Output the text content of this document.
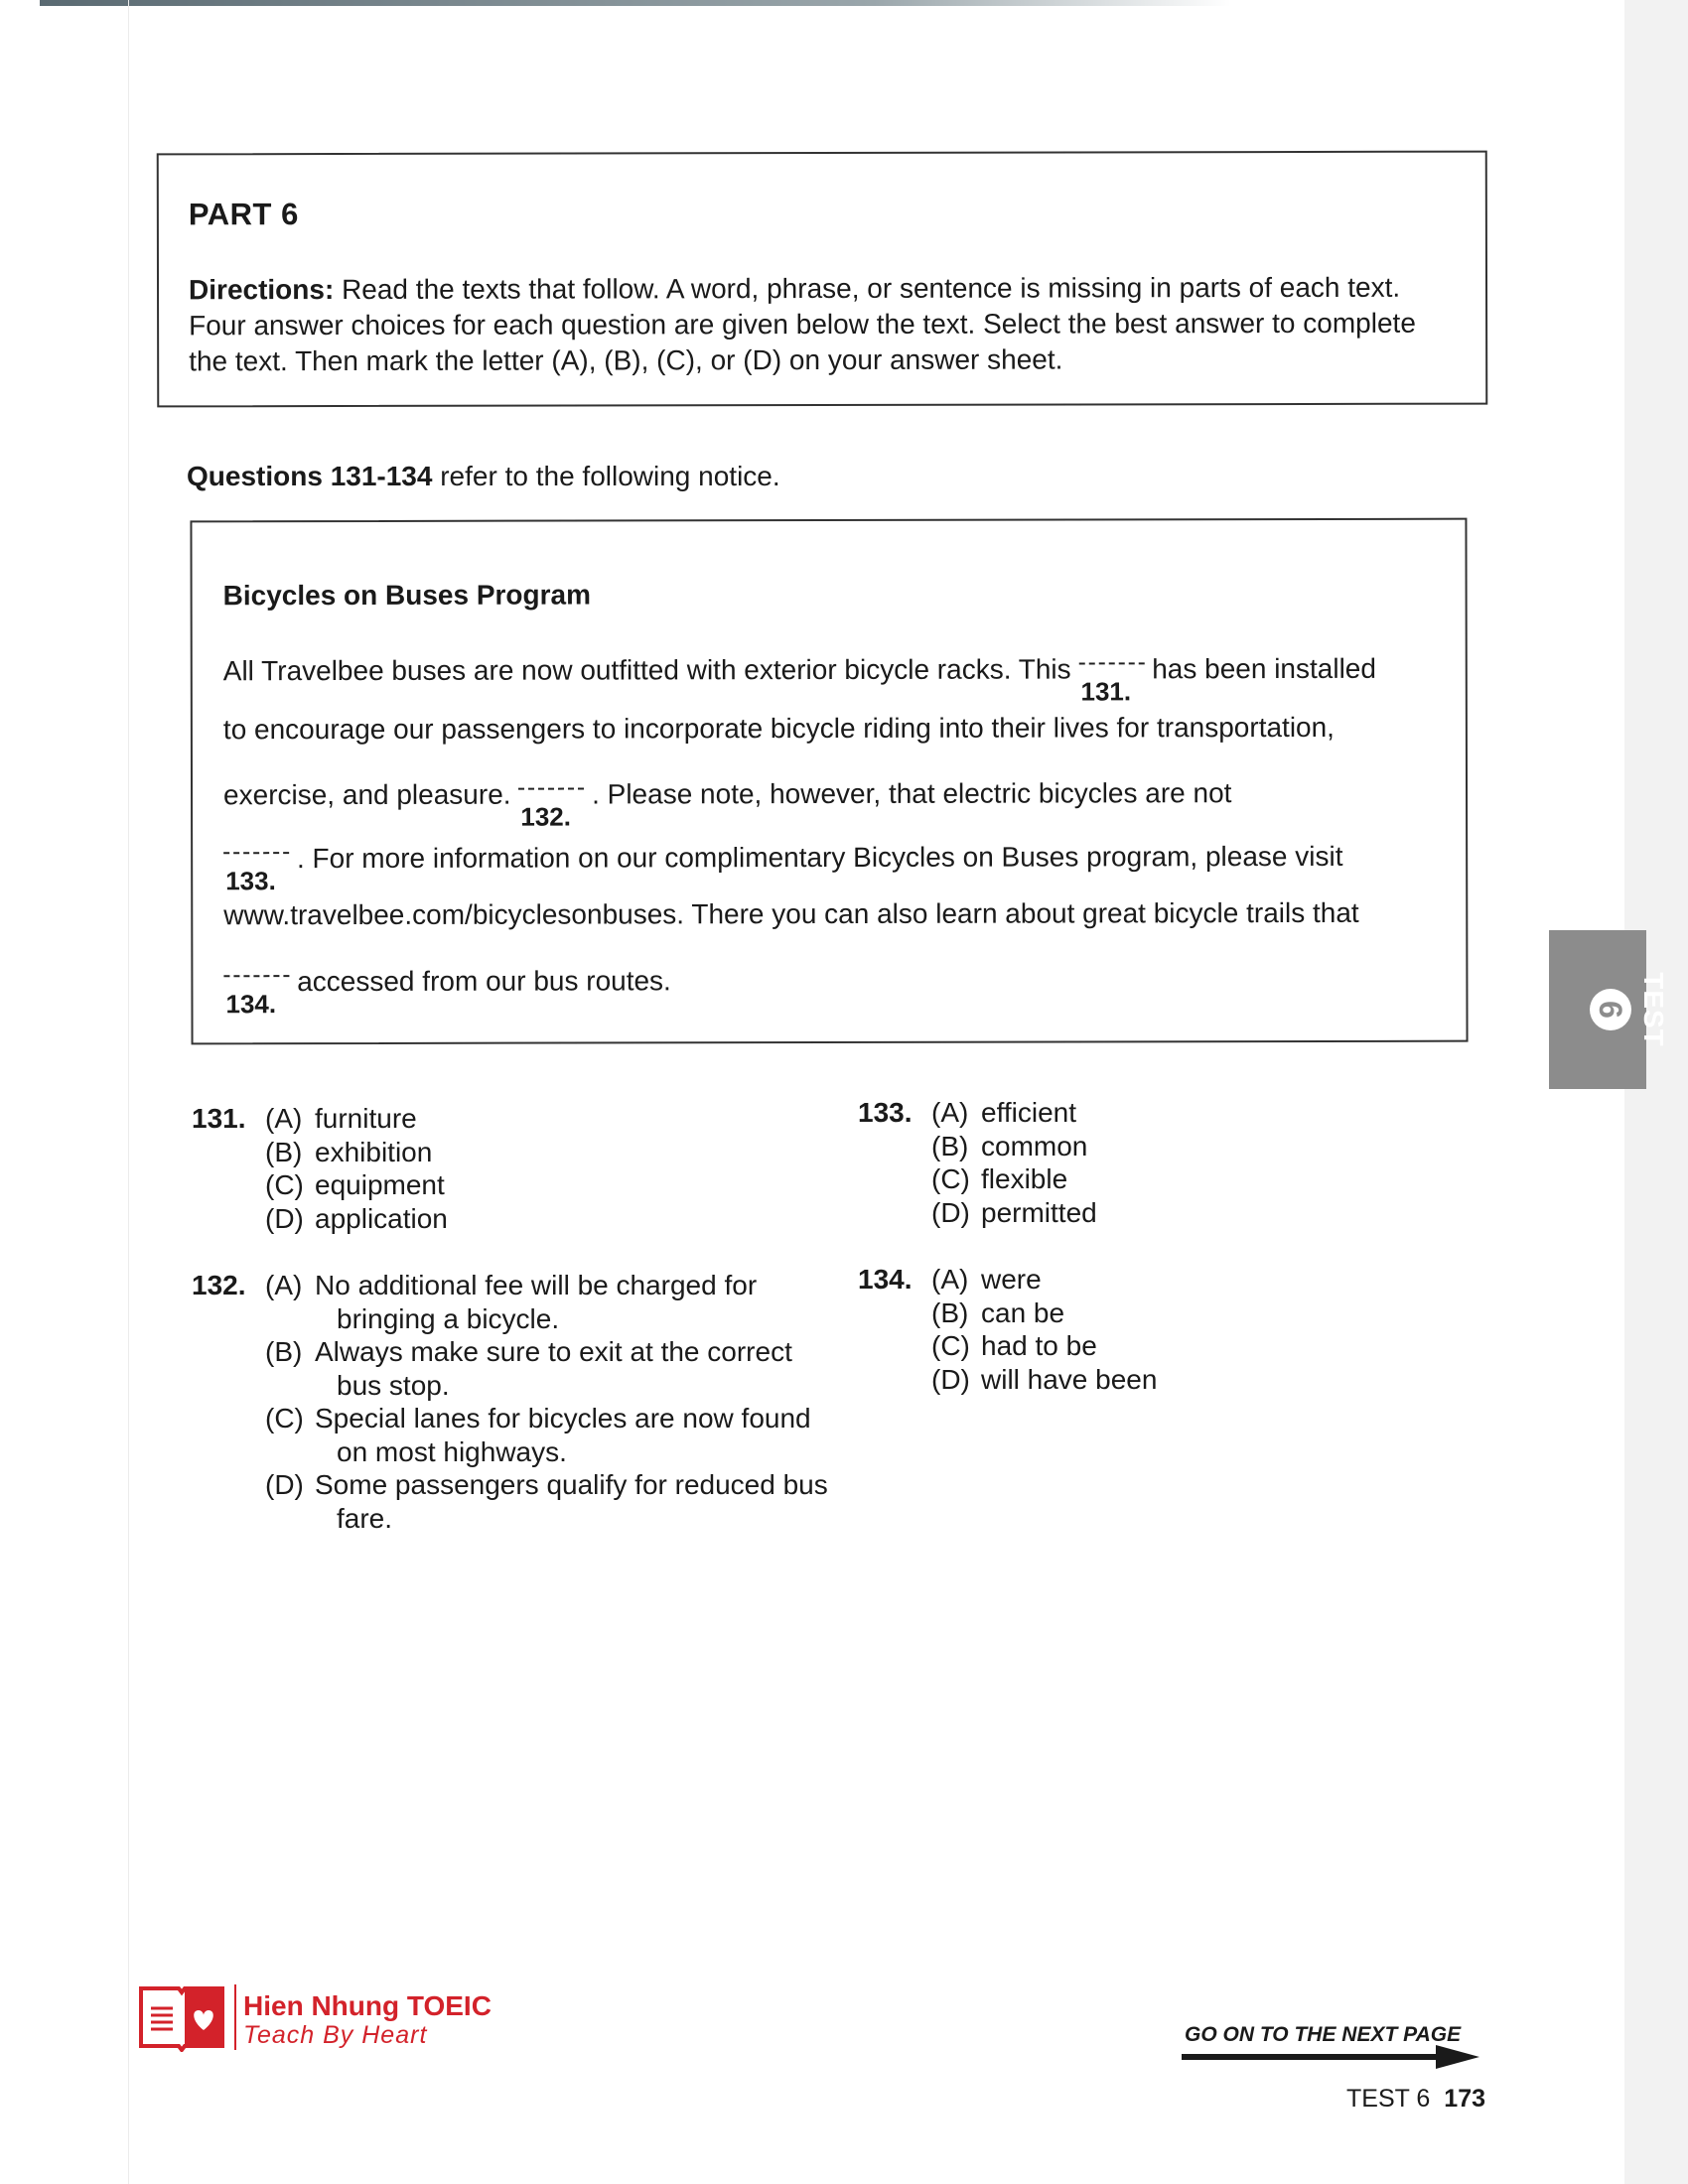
PART 6
Directions: Read the texts that follow. A word, phrase, or sentence is missing in parts of each text. Four answer choices for each question are given below the text. Select the best answer to complete the text. Then mark the letter (A), (B), (C), or (D) on your answer sheet.
Questions 131-134 refer to the following notice.
Bicycles on Buses Program
All Travelbee buses are now outfitted with exterior bicycle racks. This
131.
has been installed
to encourage our passengers to incorporate bicycle riding into their lives for transportation,
exercise, and pleasure.
132.
. Please note, however, that electric bicycles are not
133.
. For more information on our complimentary Bicycles on Buses program, please visit
www.travelbee.com/bicyclesonbuses. There you can also learn about great bicycle trails that
134.
accessed from our bus routes.
131. (A) furniture
(B) exhibition
(C) equipment
(D) application
132. (A) No additional fee will be charged for bringing a bicycle.
(B) Always make sure to exit at the correct bus stop.
(C) Special lanes for bicycles are now found on most highways.
(D) Some passengers qualify for reduced bus fare.
133. (A) efficient
(B) common
(C) flexible
(D) permitted
134. (A) were
(B) can be
(C) had to be
(D) will have been
TEST
6
Hien Nhung TOEIC
Teach By Heart	GO ON TO THE NEXT PAGE
TEST 6 173
